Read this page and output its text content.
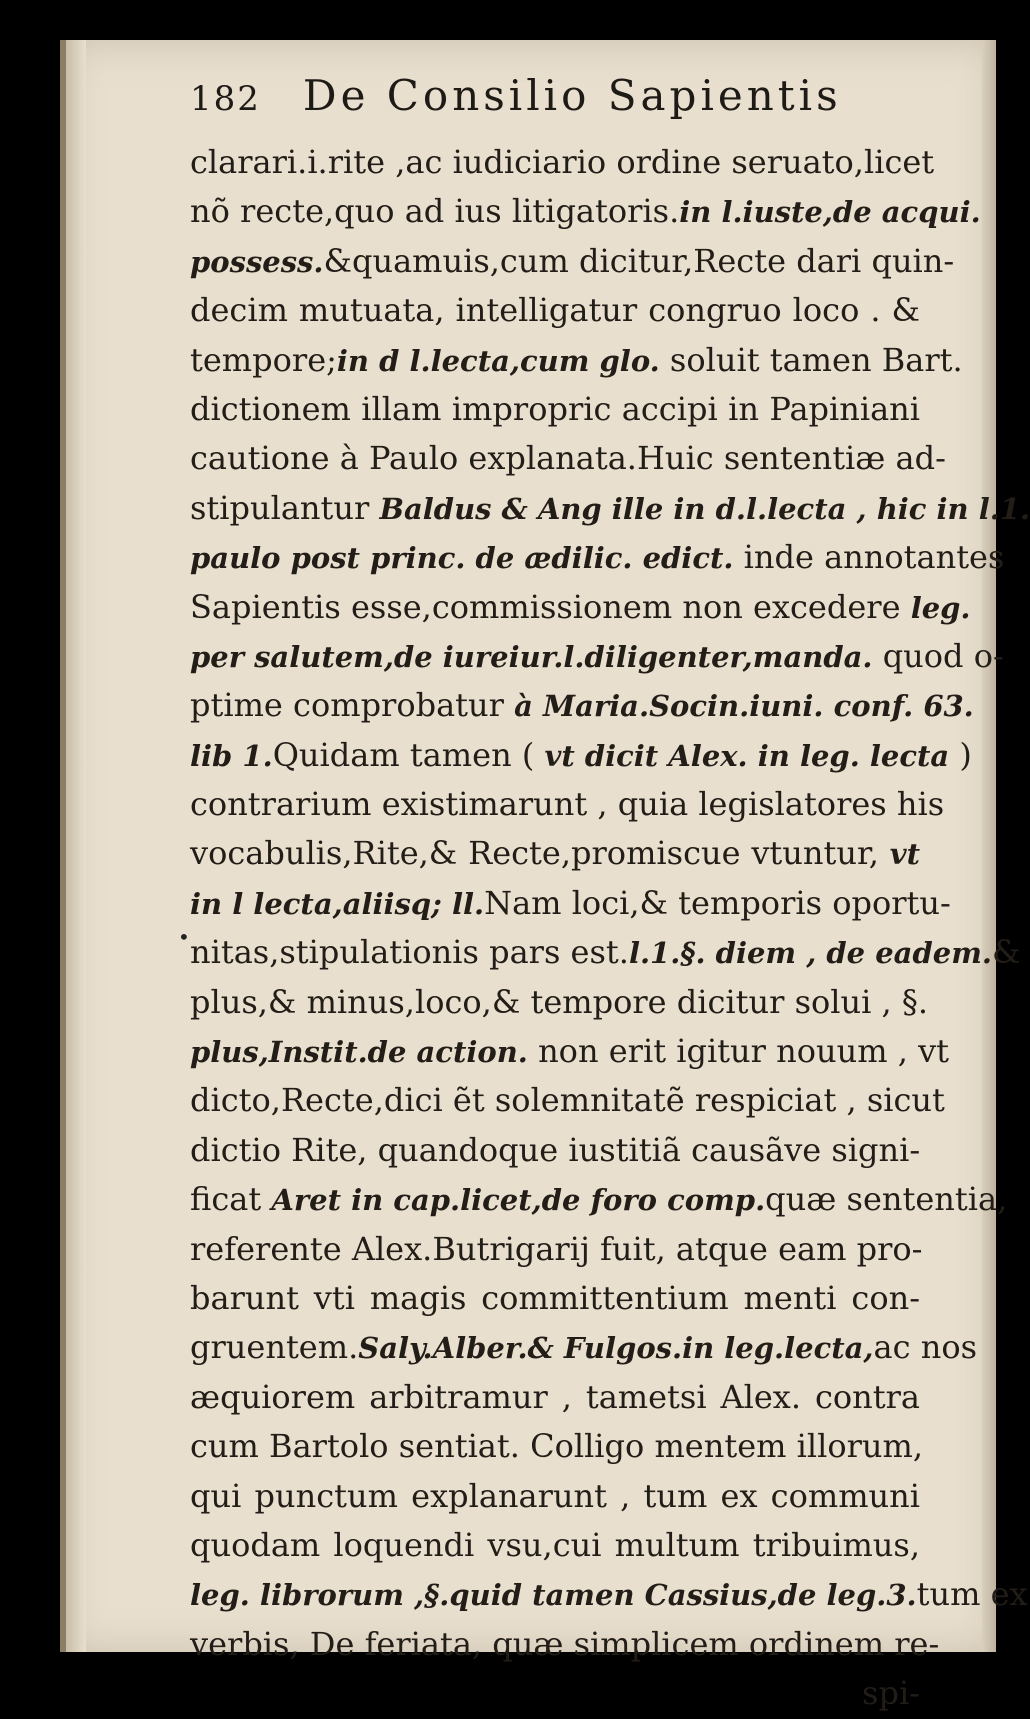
182 De Consilio Sapientis
•
clarari.i.rite ,ac iudiciario ordine seruato,licet
nõ recte,quo ad ius litigatoris.in l.iuste,de acqui.
possess.&quamuis,cum dicitur,Recte dari quin-
decim mutuata, intelligatur congruo loco . &
tempore;in d l.lecta,cum glo. soluit tamen Bart.
dictionem illam impropric accipi in Papiniani
cautione à Paulo explanata.Huic sententiæ ad-
stipulantur Baldus & Ang ille in d.l.lecta , hic in l.1.
paulo post princ. de ædilic. edict. inde annotantes
Sapientis esse,commissionem non excedere leg.
per salutem,de iureiur.l.diligenter,manda. quod o-
ptime comprobatur à Maria.Socin.iuni. conf. 63.
lib 1.Quidam tamen ( vt dicit Alex. in leg. lecta )
contrarium existimarunt , quia legislatores his
vocabulis,Rite,& Recte,promiscue vtuntur, vt
in l lecta,aliisq; ll.Nam loci,& temporis oportu-
nitas,stipulationis pars est.l.1.§. diem , de eadem.&
plus,& minus,loco,& tempore dicitur solui , §.
plus,Instit.de action. non erit igitur nouum , vt
dicto,Recte,dici ẽt solemnitatẽ respiciat , sicut
dictio Rite, quandoque iustitiã causãve signi-
ficat Aret in cap.licet,de foro comp.quæ sententia,
referente Alex.Butrigarij fuit, atque eam pro-
barunt vti magis committentium menti con-
gruentem.Saly.Alber.& Fulgos.in leg.lecta,ac nos
æquiorem arbitramur , tametsi Alex. contra
cum Bartolo sentiat. Colligo mentem illorum,
qui punctum explanarunt , tum ex communi
quodam loquendi vsu,cui multum tribuimus,
leg. librorum ,§.quid tamen Cassius,de leg.3.tum ex
verbis, De feriata, quæ simplicem ordinem re-
spi-
